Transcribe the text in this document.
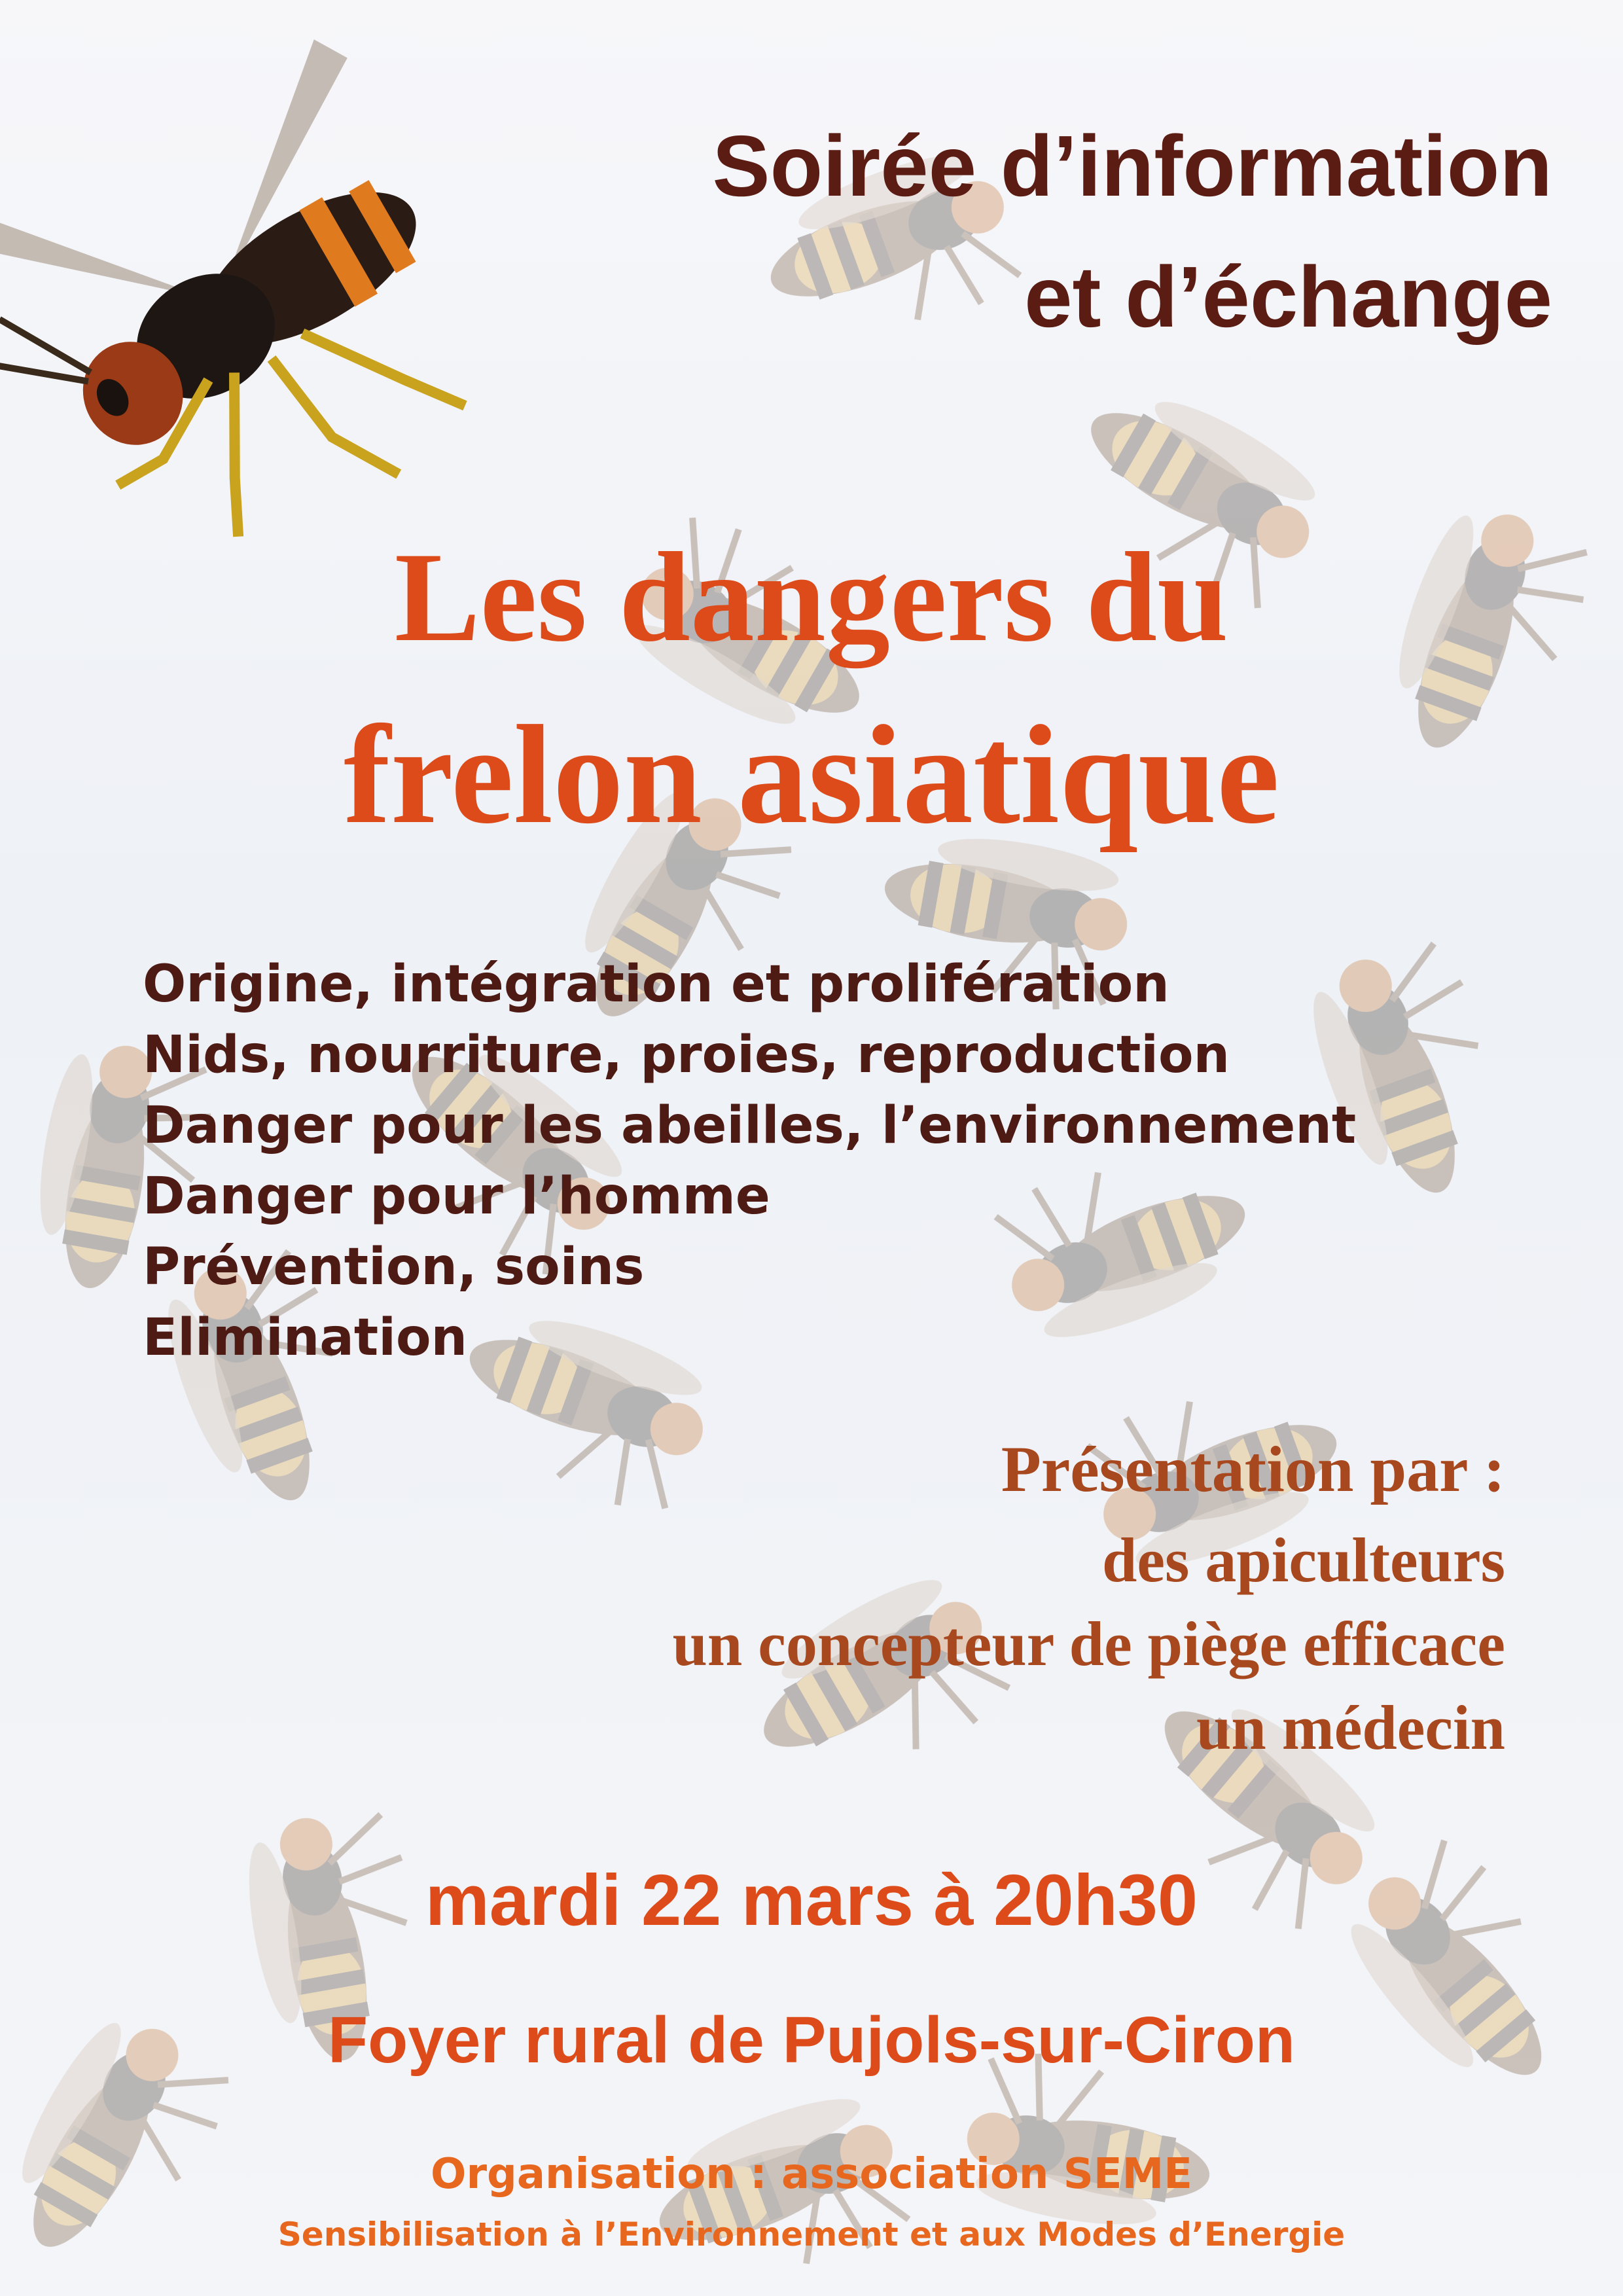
Soirée d’information

et d’échange

Les dangers du
frelon asiatique
Origine, intégration et prolifération
Nids, nourriture, proies, reproduction
Danger pour les abeilles, l’environnement
Danger pour l’homme
Prévention, soins
Elimination
Présentation par :
des apiculteurs
un concepteur de piège efficace
un médecin

mardi 22 mars à 20h30

Foyer rural de Pujols-sur-Ciron

Organisation : association SEME

Sensibilisation à l’Environnement et aux Modes d’Energie
